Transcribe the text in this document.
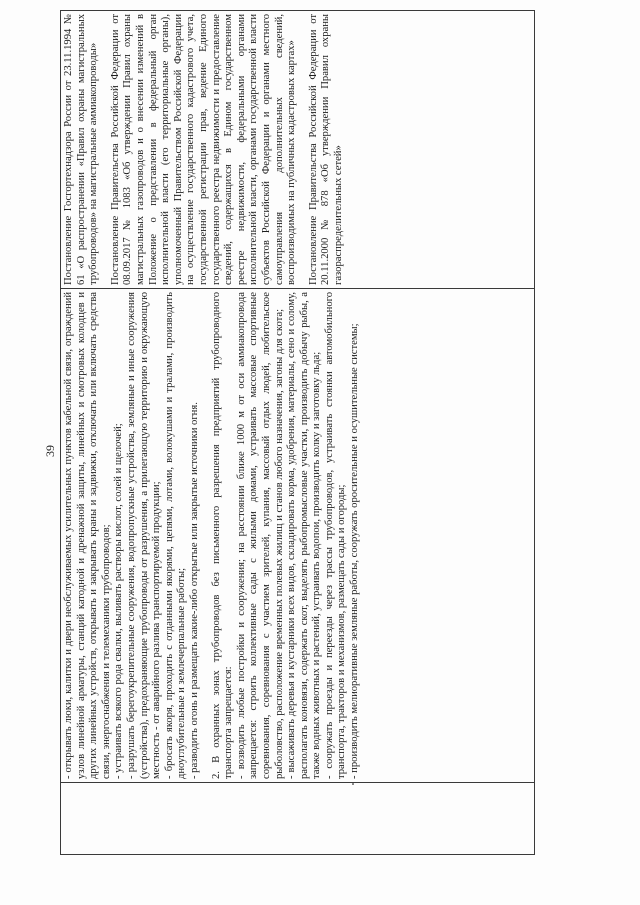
39

	- открывать люки, калитки и двери необслуживаемых усилительных пунктов кабельной связи, ограждений узлов линейной арматуры, станций катодной и дренажной защиты, линейных и смотровых колодцев и других линейных устройств, открывать и закрывать краны и задвижки, отключать или включать средства связи, энергоснабжения и телемеханики трубопроводов; - устраивать всякого рода свалки, выливать растворы кислот, солей и щелочей; - разрушать берегоукрепительные сооружения, водопропускные устройства, земляные и иные сооружения (устройства), предохраняющие трубопроводы от разрушения, а прилегающую территорию и окружающую местность - от аварийного разлива транспортируемой продукции; - бросать якоря, проходить с отданными якорями, цепями, лотами, волокушами и тралами, производить дноуглубительные и землечерпальные работы; - разводить огонь и размещать какие-либо открытые или закрытые источники огня. 2. В охранных зонах трубопроводов без письменного разрешения предприятий трубопроводного транспорта запрещается: - возводить любые постройки и сооружения; на расстоянии ближе 1000 м от оси аммиакопровода запрещается: строить коллективные сады с жилыми домами, устраивать массовые спортивные соревнования, соревнования с участием зрителей, купания, массовый отдых людей, любительское рыболовство, расположение временных полевых жилищ и станов любого назначения, загоны для скота; - высаживать деревья и кустарники всех видов, складировать корма, удобрения, материалы, сено и солому, располагать коновязи, содержать скот, выделять рыбопромысловые участки, производить добычу рыбы, а также водных животных и растений, устраивать водопои, производить колку и заготовку льда; - сооружать проезды и переезды через трассы трубопроводов, устраивать стоянки автомобильного транспорта, тракторов и механизмов, размещать сады и огороды; - производить мелиоративные земляные работы, сооружать оросительные и осушительные системы;

Постановление Госгортехнадзора России от 23.11.1994 № 61 «О распространении «Правил охраны магистральных трубопроводов» на магистральные аммиакопроводы» Постановление Правительства Российской Федерации от 08.09.2017 № 1083 «Об утверждении Правил охраны магистральных газопроводов и о внесении изменений в Положение о представлении в федеральный орган исполнительной власти (его территориальные органы), уполномоченный Правительством Российской Федерации на осуществление государственного кадастрового учета, государственной регистрации прав, ведение Единого государственного реестра недвижимости и предоставление сведений, содержащихся в Едином государственном реестре недвижимости, федеральными органами исполнительной власти, органами государственной власти субъектов Российской Федерации и органами местного самоуправления дополнительных сведений, воспроизводимых на публичных кадастровых картах» Постановление Правительства Российской Федерации от 20.11.2000 № 878 «Об утверждении Правил охраны газораспределительных сетей»
